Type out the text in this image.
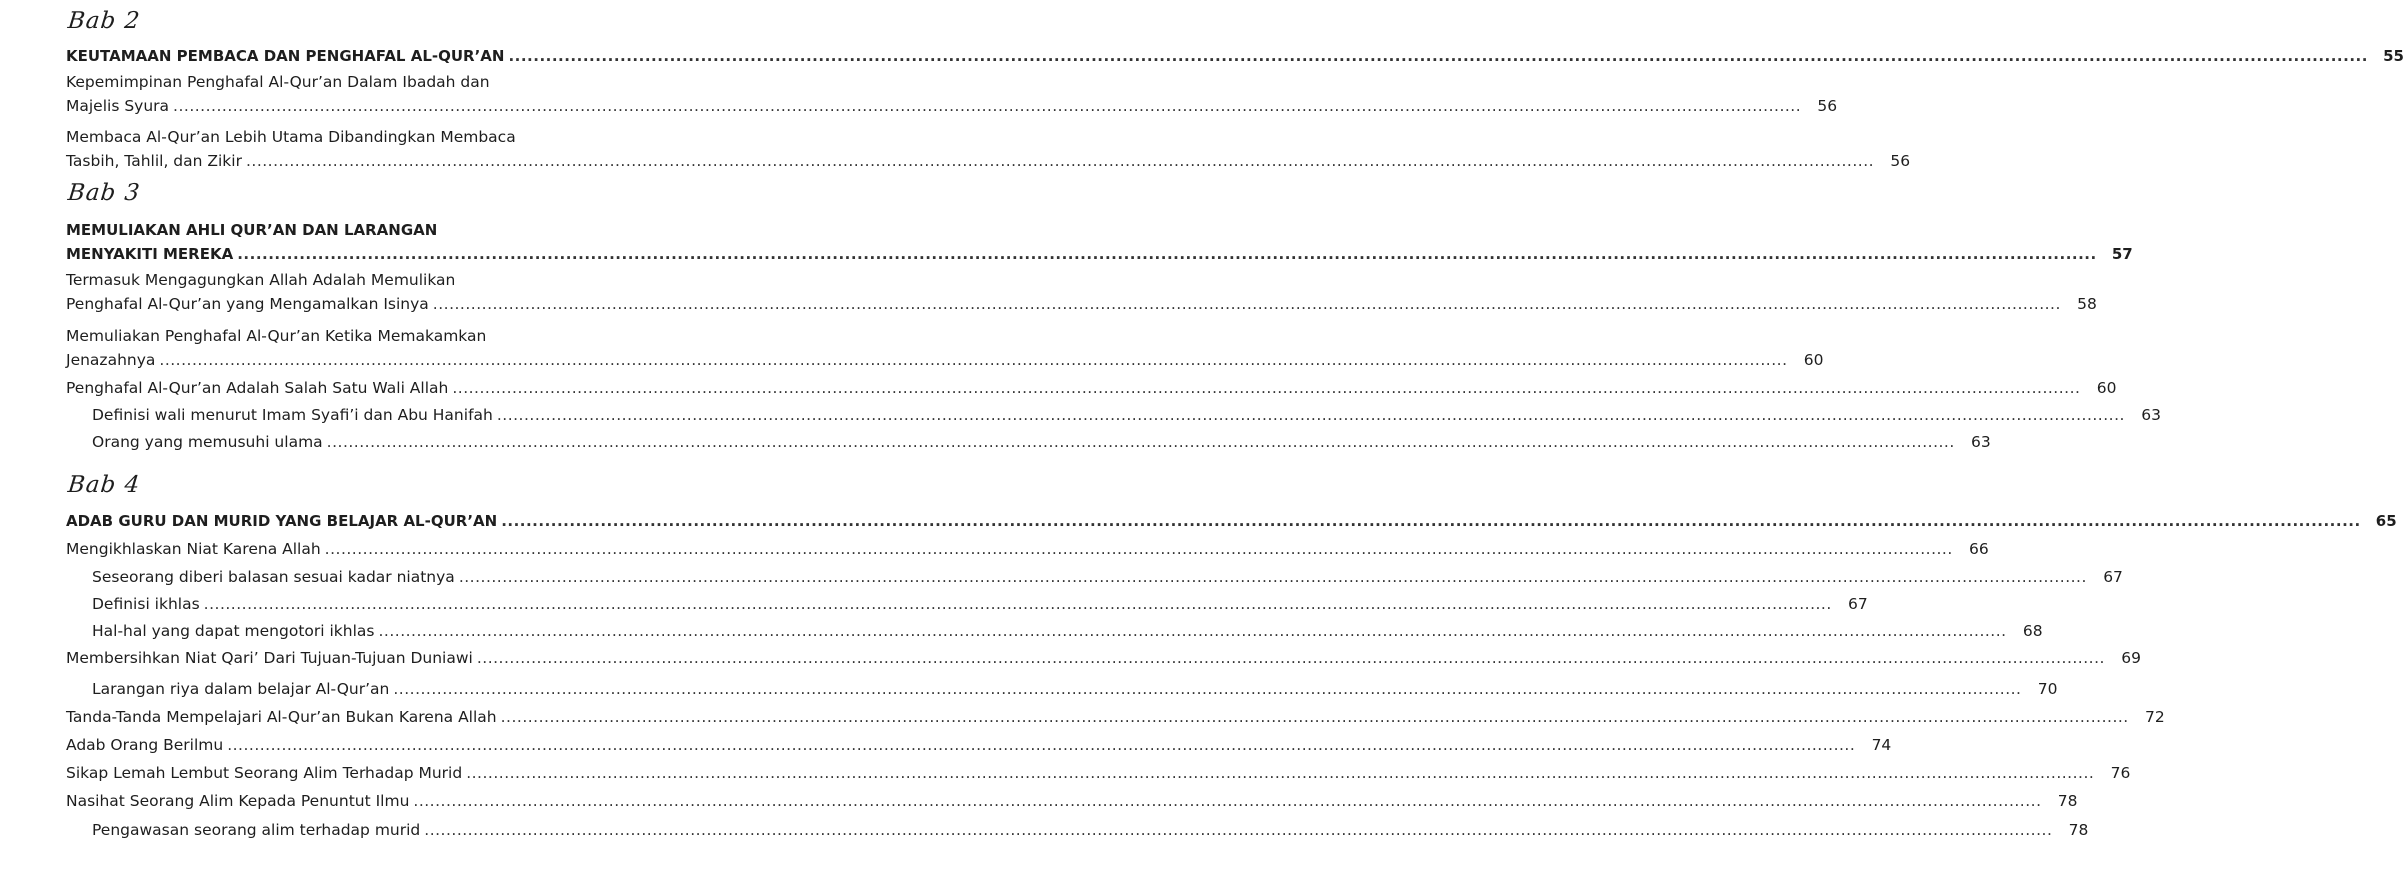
Bab 2
KEUTAMAAN PEMBACA DAN PENGHAFAL AL-QUR’AN ............................................................................................................................................................................................................................................................................................................	55
Kepemimpinan Penghafal Al-Qur’an Dalam Ibadah dan
Majelis Syura ............................................................................................................................................................................................................................................................................................................	56
Membaca Al-Qur’an Lebih Utama Dibandingkan Membaca
Tasbih, Tahlil, dan Zikir ............................................................................................................................................................................................................................................................................................................	56
Bab 3
MEMULIAKAN AHLI QUR’AN DAN LARANGAN
MENYAKITI MEREKA ............................................................................................................................................................................................................................................................................................................	57
Termasuk Mengagungkan Allah Adalah Memulikan
Penghafal Al-Qur’an yang Mengamalkan Isinya ............................................................................................................................................................................................................................................................................................................	58
Memuliakan Penghafal Al-Qur’an Ketika Memakamkan
Jenazahnya ............................................................................................................................................................................................................................................................................................................	60
Penghafal Al-Qur’an Adalah Salah Satu Wali Allah ............................................................................................................................................................................................................................................................................................................	60
Definisi wali menurut Imam Syafi’i dan Abu Hanifah ............................................................................................................................................................................................................................................................................................................	63
Orang yang memusuhi ulama ............................................................................................................................................................................................................................................................................................................	63
Bab 4
ADAB GURU DAN MURID YANG BELAJAR AL-QUR’AN ............................................................................................................................................................................................................................................................................................................	65
Mengikhlaskan Niat Karena Allah ............................................................................................................................................................................................................................................................................................................	66
Seseorang diberi balasan sesuai kadar niatnya ............................................................................................................................................................................................................................................................................................................	67
Definisi ikhlas ............................................................................................................................................................................................................................................................................................................	67
Hal-hal yang dapat mengotori ikhlas ............................................................................................................................................................................................................................................................................................................	68
Membersihkan Niat Qari’ Dari Tujuan-Tujuan Duniawi ............................................................................................................................................................................................................................................................................................................	69
Larangan riya dalam belajar Al-Qur’an ............................................................................................................................................................................................................................................................................................................	70
Tanda-Tanda Mempelajari Al-Qur’an Bukan Karena Allah ............................................................................................................................................................................................................................................................................................................	72
Adab Orang Berilmu ............................................................................................................................................................................................................................................................................................................	74
Sikap Lemah Lembut Seorang Alim Terhadap Murid ............................................................................................................................................................................................................................................................................................................	76
Nasihat Seorang Alim Kepada Penuntut Ilmu ............................................................................................................................................................................................................................................................................................................	78
Pengawasan seorang alim terhadap murid ............................................................................................................................................................................................................................................................................................................	78
